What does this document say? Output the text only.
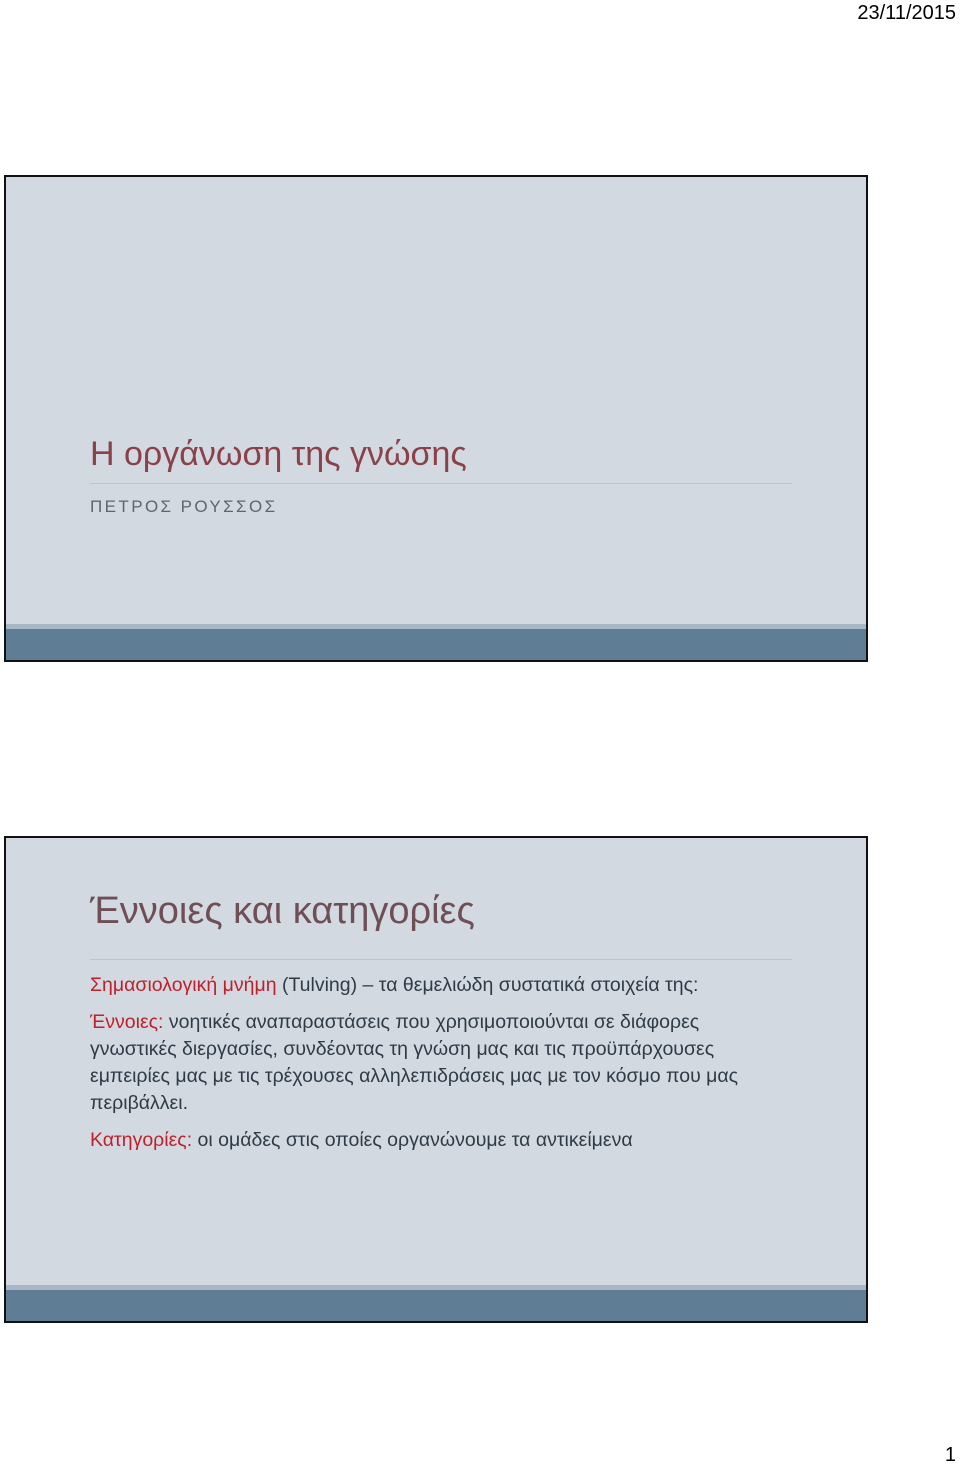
23/11/2015
Η οργάνωση της γνώσης
ΠΕΤΡΟΣ ΡΟΥΣΣΟΣ
Έννοιες και κατηγορίες

Σημασιολογική μνήμη (Tulving) – τα θεμελιώδη συστατικά στοιχεία της:

Έννοιες: νοητικές αναπαραστάσεις που χρησιμοποιούνται σε διάφορες γνωστικές διεργασίες, συνδέοντας τη γνώση μας και τις προϋπάρχουσες εμπειρίες μας με τις τρέχουσες αλληλεπιδράσεις μας με τον κόσμο που μας περιβάλλει.

Κατηγορίες: οι ομάδες στις οποίες οργανώνουμε τα αντικείμενα

1
